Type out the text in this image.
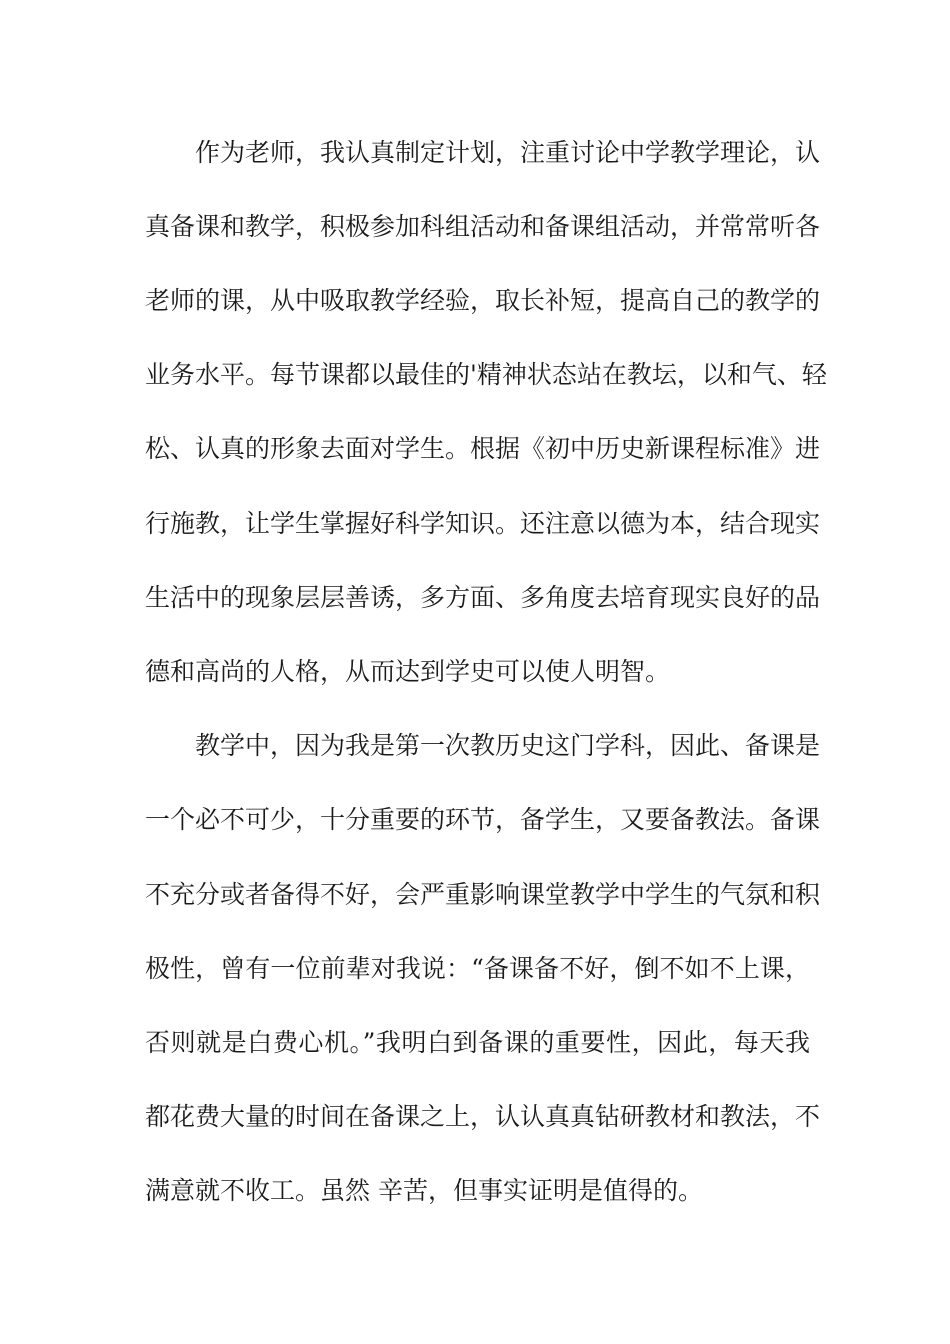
作为老师，我认真制定计划，注重讨论中学教学理论，认
真备课和教学，积极参加科组活动和备课组活动，并常常听各
老师的课，从中吸取教学经验，取长补短，提高自己的教学的
业务水平。每节课都以最佳的'精神状态站在教坛，以和气、轻
松、认真的形象去面对学生。根据《初中历史新课程标准》进
行施教，让学生掌握好科学知识。还注意以德为本，结合现实
生活中的现象层层善诱，多方面、多角度去培育现实良好的品
德和高尚的人格，从而达到学史可以使人明智。
教学中，因为我是第一次教历史这门学科，因此、备课是
一个必不可少，十分重要的环节，备学生，又要备教法。备课
不充分或者备得不好，会严重影响课堂教学中学生的气氛和积
极性，曾有一位前辈对我说：“备课备不好，倒不如不上课，
否则就是白费心机。”我明白到备课的重要性，因此，每天我
都花费大量的时间在备课之上，认认真真钻研教材和教法，不
满意就不收工。虽然 辛苦，但事实证明是值得的。
